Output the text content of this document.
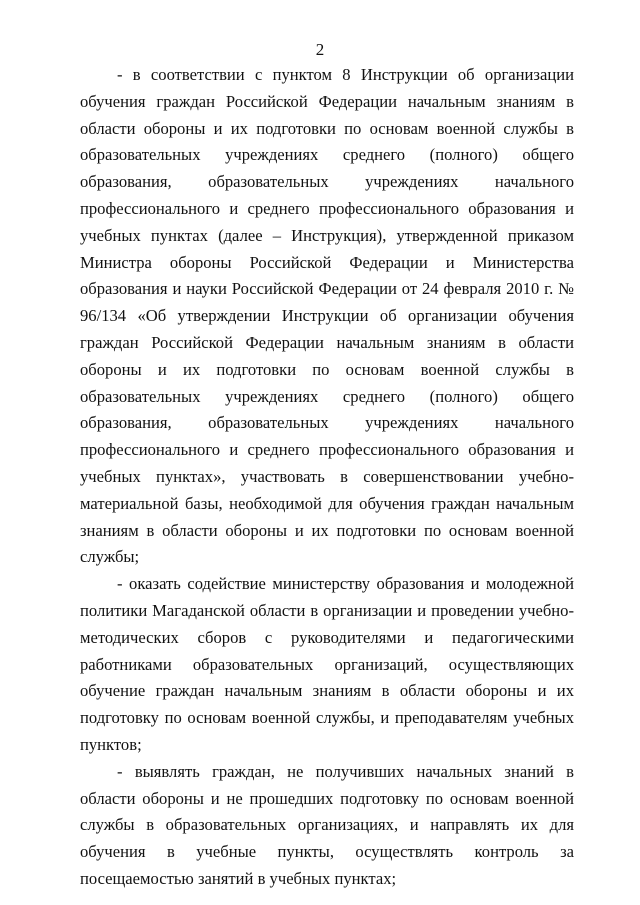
2

- в соответствии с пунктом 8 Инструкции об организации обучения граждан Российской Федерации начальным знаниям в области обороны и их подготовки по основам военной службы в образовательных учреждениях среднего (полного) общего образования, образовательных учреждениях начального профессионального и среднего профессионального образования и учебных пунктах (далее – Инструкция), утвержденной приказом Министра обороны Российской Федерации и Министерства образования и науки Российской Федерации от 24 февраля 2010 г. № 96/134 «Об утверждении Инструкции об организации обучения граждан Российской Федерации начальным знаниям в области обороны и их подготовки по основам военной службы в образовательных учреждениях среднего (полного) общего образования, образовательных учреждениях начального профессионального и среднего профессионального образования и учебных пунктах», участвовать в совершенствовании учебно-материальной базы, необходимой для обучения граждан начальным знаниям в области обороны и их подготовки по основам военной службы;

- оказать содействие министерству образования и молодежной политики Магаданской области в организации и проведении учебно-методических сборов с руководителями и педагогическими работниками образовательных организаций, осуществляющих обучение граждан начальным знаниям в области обороны и их подготовку по основам военной службы, и преподавателям учебных пунктов;

- выявлять граждан, не получивших начальных знаний в области обороны и не прошедших подготовку по основам военной службы в образовательных организациях, и направлять их для обучения в учебные пункты, осуществлять контроль за посещаемостью занятий в учебных пунктах;
